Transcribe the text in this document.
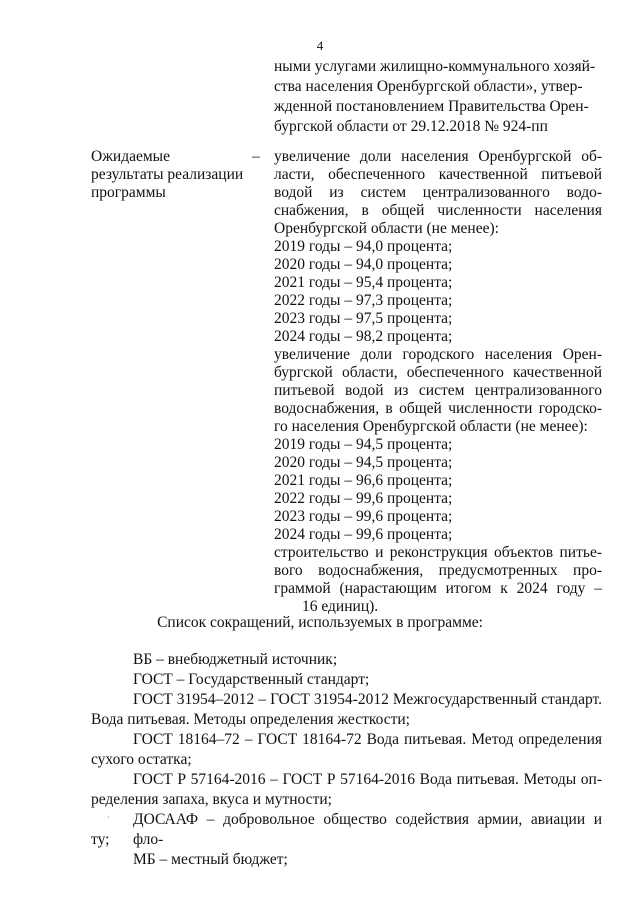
4
ными услугами жилищно-коммунального хозяй-
ства населения Оренбургской области», утвер-
жденной постановлением Правительства Орен-
бургской области от 29.12.2018 № 924-пп
Ожидаемые
результаты реализации
программы
– увеличение доли населения Оренбургской об-
ласти, обеспеченного качественной питьевой
водой из систем централизованного водо-
снабжения, в общей численности населения
Оренбургской области (не менее):
2019 годы – 94,0 процента;
2020 годы – 94,0 процента;
2021 годы – 95,4 процента;
2022 годы – 97,3 процента;
2023 годы – 97,5 процента;
2024 годы – 98,2 процента;
увеличение доли городского населения Орен-
бургской области, обеспеченного качественной
питьевой водой из систем централизованного
водоснабжения, в общей численности городско-
го населения Оренбургской области (не менее):
2019 годы – 94,5 процента;
2020 годы – 94,5 процента;
2021 годы – 96,6 процента;
2022 годы – 99,6 процента;
2023 годы – 99,6 процента;
2024 годы – 99,6 процента;
строительство и реконструкция объектов питье-
вого водоснабжения, предусмотренных про-
граммой (нарастающим итогом к 2024 году –
16 единиц).
Список сокращений, используемых в программе:
ВБ – внебюджетный источник;
ГОСТ – Государственный стандарт;
ГОСТ 31954–2012 – ГОСТ 31954-2012 Межгосударственный стандарт.
Вода питьевая. Методы определения жесткости;
ГОСТ 18164–72 – ГОСТ 18164-72 Вода питьевая. Метод определения
сухого остатка;
ГОСТ Р 57164-2016 – ГОСТ Р 57164-2016 Вода питьевая. Методы оп-
ределения запаха, вкуса и мутности;
ДОСААФ – добровольное общество содействия армии, авиации и фло-
ту;
МБ – местный бюджет;
·
